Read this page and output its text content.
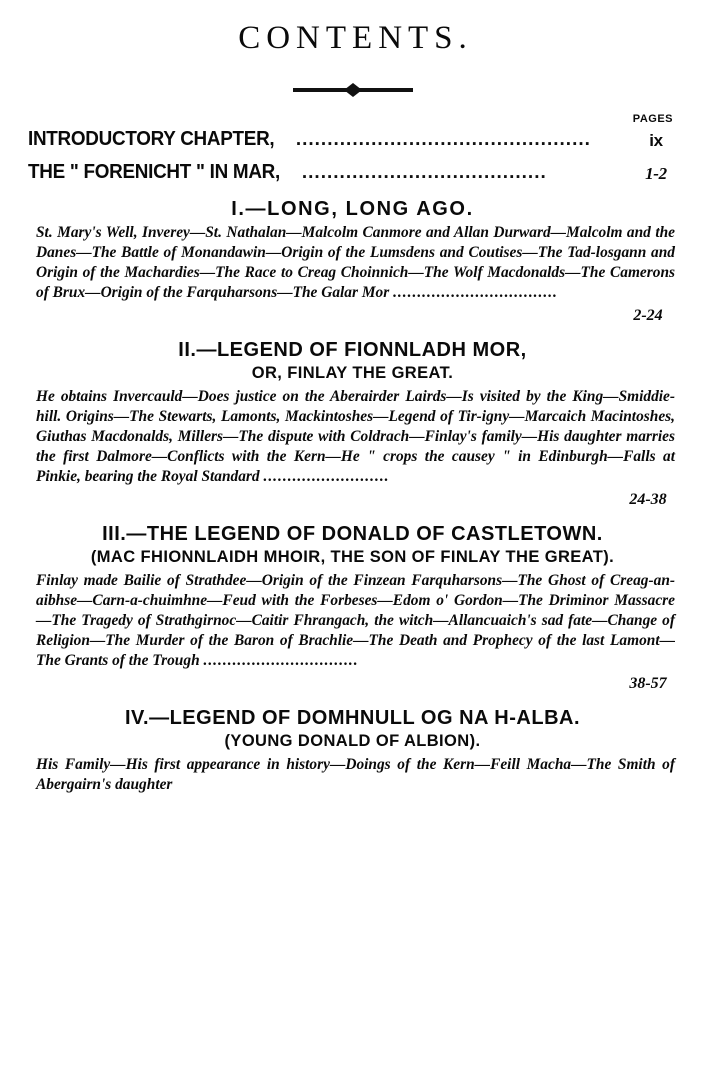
CONTENTS.
PAGES
INTRODUCTORY CHAPTER, ...............................................	ix
THE " FORENICHT " IN MAR, .......................................	1-2
I.—LONG, LONG AGO.
St. Mary's Well, Inverey—St. Nathalan—Malcolm Canmore and Allan Durward—Malcolm and the Danes—The Battle of Monandawin—Origin of the Lumsdens and Coutises—The Tad-losgann and Origin of the Machardies—The Race to Creag Choinnich—The Wolf Macdonalds—The Camerons of Brux—Origin of the Farquharsons—The Galar Mor ..................................
2-24
II.—LEGEND OF FIONNLADH MOR,
OR, FINLAY THE GREAT.
He obtains Invercauld—Does justice on the Aberairder Lairds—Is visited by the King—Smiddie-hill. Origins—The Stewarts, Lamonts, Mackintoshes—Legend of Tir-igny—Marcaich Macintoshes, Giuthas Macdonalds, Millers—The dispute with Coldrach—Finlay's family—His daughter marries the first Dalmore—Conflicts with the Kern—He " crops the causey " in Edinburgh—Falls at Pinkie, bearing the Royal Standard ..........................
24-38
III.—THE LEGEND OF DONALD OF CASTLETOWN.
(MAC FHIONNLAIDH MHOIR, THE SON OF FINLAY THE GREAT).
Finlay made Bailie of Strathdee—Origin of the Finzean Farquharsons—The Ghost of Creag-an-aibhse—Carn-a-chuimhne—Feud with the Forbeses—Edom o' Gordon—The Driminor Massacre—The Tragedy of Strathgirnoc—Caitir Fhrangach, the witch—Allancuaich's sad fate—Change of Religion—The Murder of the Baron of Brachlie—The Death and Prophecy of the last Lamont—The Grants of the Trough ................................
38-57
IV.—LEGEND OF DOMHNULL OG NA H-ALBA.
(YOUNG DONALD OF ALBION).
His Family—His first appearance in history—Doings of the Kern—Feill Macha—The Smith of Abergairn's daughter
